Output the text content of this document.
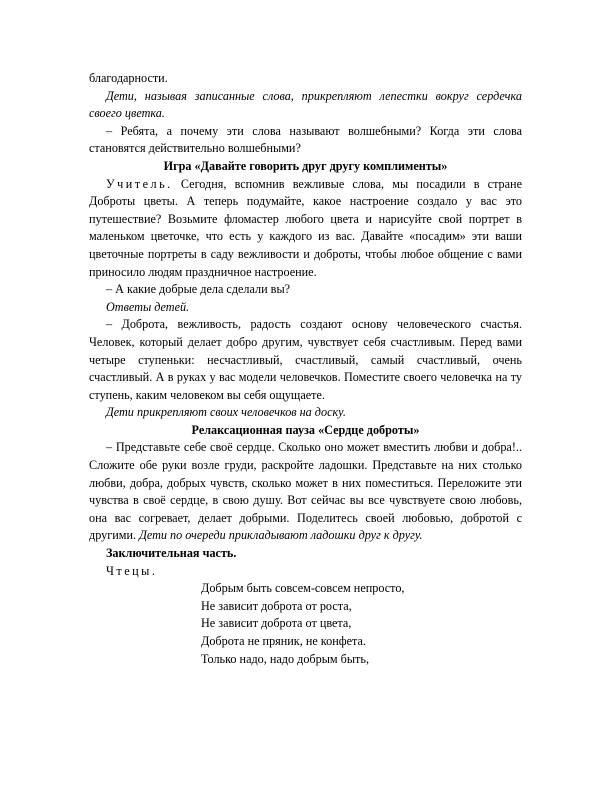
благодарности.

Дети, называя записанные слова, прикрепляют лепестки вокруг сердечка своего цветка.

– Ребята, а почему эти слова называют волшебными? Когда эти слова становятся действительно волшебными?

Игра «Давайте говорить друг другу комплименты»

Учитель. Сегодня, вспомнив вежливые слова, мы посадили в стране Доброты цветы. А теперь подумайте, какое настроение создало у вас это путешествие? Возьмите фломастер любого цвета и нарисуйте свой портрет в маленьком цветочке, что есть у каждого из вас. Давайте «посадим» эти ваши цветочные портреты в саду вежливости и доброты, чтобы любое общение с вами приносило людям праздничное настроение.

– А какие добрые дела сделали вы?

Ответы детей.

– Доброта, вежливость, радость создают основу человеческого счастья. Человек, который делает добро другим, чувствует себя счастливым. Перед вами четыре ступеньки: несчастливый, счастливый, самый счастливый, очень счастливый. А в руках у вас модели человечков. Поместите своего человечка на ту ступень, каким человеком вы себя ощущаете.

Дети прикрепляют своих человечков на доску.

Релаксационная пауза «Сердце доброты»

– Представьте себе своё сердце. Сколько оно может вместить любви и добра!.. Сложите обе руки возле груди, раскройте ладошки. Представьте на них столько любви, добра, добрых чувств, сколько может в них поместиться. Переложите эти чувства в своё сердце, в свою душу. Вот сейчас вы все чувствуете свою любовь, она вас согревает, делает добрыми. Поделитесь своей любовью, добротой с другими. Дети по очереди прикладывают ладошки друг к другу.

Заключительная часть.

Чтецы.

Добрым быть совсем-совсем непросто,

Не зависит доброта от роста,

Не зависит доброта от цвета,

Доброта не пряник, не конфета.

Только надо, надо добрым быть,
